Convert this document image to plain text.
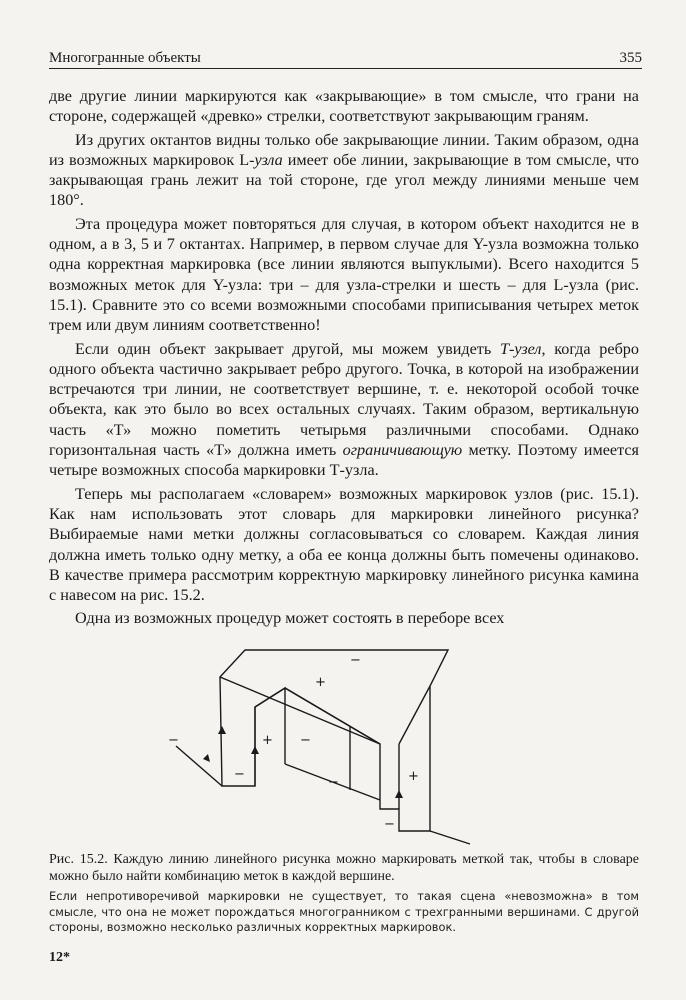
Многогранные объекты	355

две другие линии маркируются как «закрывающие» в том смысле, что грани на стороне, содержащей «древко» стрелки, соответствуют закрывающим граням.

Из других октантов видны только обе закрывающие линии. Таким образом, одна из возможных маркировок L-узла имеет обе линии, закрывающие в том смысле, что закрывающая грань лежит на той стороне, где угол между линиями меньше чем 180°.

Эта процедура может повторяться для случая, в котором объект находится не в одном, а в 3, 5 и 7 октантах. Например, в первом случае для Y-узла возможна только одна корректная маркировка (все линии являются выпуклыми). Всего находится 5 возможных меток для Y-узла: три – для узла-стрелки и шесть – для L-узла (рис. 15.1). Сравните это со всеми возможными способами приписывания четырех меток трем или двум линиям соответственно!

Если один объект закрывает другой, мы можем увидеть Т-узел, когда ребро одного объекта частично закрывает ребро другого. Точка, в которой на изображении встречаются три линии, не соответствует вершине, т. е. некоторой особой точке объекта, как это было во всех остальных случаях. Таким образом, вертикальную часть «Т» можно пометить четырьмя различными способами. Однако горизонтальная часть «Т» должна иметь ограничивающую метку. Поэтому имеется четыре возможных способа маркировки Т-узла.

Теперь мы располагаем «словарем» возможных маркировок узлов (рис. 15.1). Как нам использовать этот словарь для маркировки линейного рисунка? Выбираемые нами метки должны согласовываться со словарем. Каждая линия должна иметь только одну метку, а оба ее конца должны быть помечены одинаково. В качестве примера рассмотрим корректную маркировку линейного рисунка камина с навесом на рис. 15.2.

Одна из возможных процедур может состоять в переборе всех

+
+
+
−
−
−
−
−
−

Рис. 15.2. Каждую линию линейного рисунка можно маркировать меткой так, чтобы в словаре можно было найти комбинацию меток в каждой вершине.

Если непротиворечивой маркировки не существует, то такая сцена «невозможна» в том смысле, что она не может порождаться многогранником с трехгранными вершинами. С другой стороны, возможно несколько различных корректных маркировок.

12*
